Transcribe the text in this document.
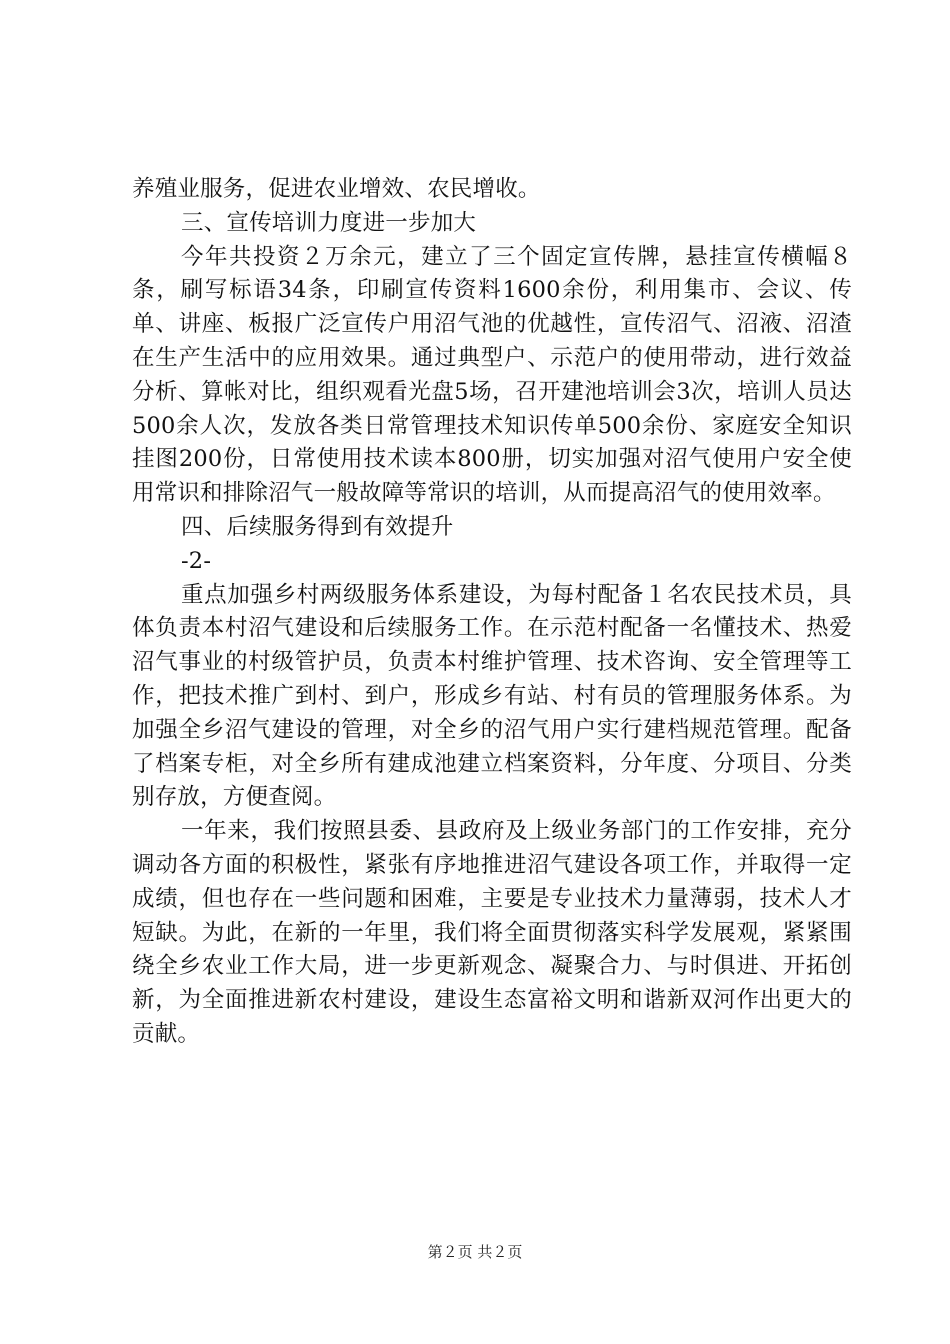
养殖业服务，促进农业增效、农民增收。

三、宣传培训力度进一步加大

今年共投资２万余元，建立了三个固定宣传牌，悬挂宣传横幅８条，刷写标语34条，印刷宣传资料1600余份，利用集市、会议、传单、讲座、板报广泛宣传户用沼气池的优越性，宣传沼气、沼液、沼渣在生产生活中的应用效果。通过典型户、示范户的使用带动，进行效益分析、算帐对比，组织观看光盘5场，召开建池培训会3次，培训人员达500余人次，发放各类日常管理技术知识传单500余份、家庭安全知识挂图200份，日常使用技术读本800册，切实加强对沼气使用户安全使用常识和排除沼气一般故障等常识的培训，从而提高沼气的使用效率。

四、后续服务得到有效提升

-2-

重点加强乡村两级服务体系建设，为每村配备１名农民技术员，具体负责本村沼气建设和后续服务工作。在示范村配备一名懂技术、热爱沼气事业的村级管护员，负责本村维护管理、技术咨询、安全管理等工作，把技术推广到村、到户，形成乡有站、村有员的管理服务体系。为加强全乡沼气建设的管理，对全乡的沼气用户实行建档规范管理。配备了档案专柜，对全乡所有建成池建立档案资料，分年度、分项目、分类别存放，方便查阅。

一年来，我们按照县委、县政府及上级业务部门的工作安排，充分调动各方面的积极性，紧张有序地推进沼气建设各项工作，并取得一定成绩，但也存在一些问题和困难，主要是专业技术力量薄弱，技术人才短缺。为此，在新的一年里，我们将全面贯彻落实科学发展观，紧紧围绕全乡农业工作大局，进一步更新观念、凝聚合力、与时俱进、开拓创新，为全面推进新农村建设，建设生态富裕文明和谐新双河作出更大的贡献。

第２页 共２页
